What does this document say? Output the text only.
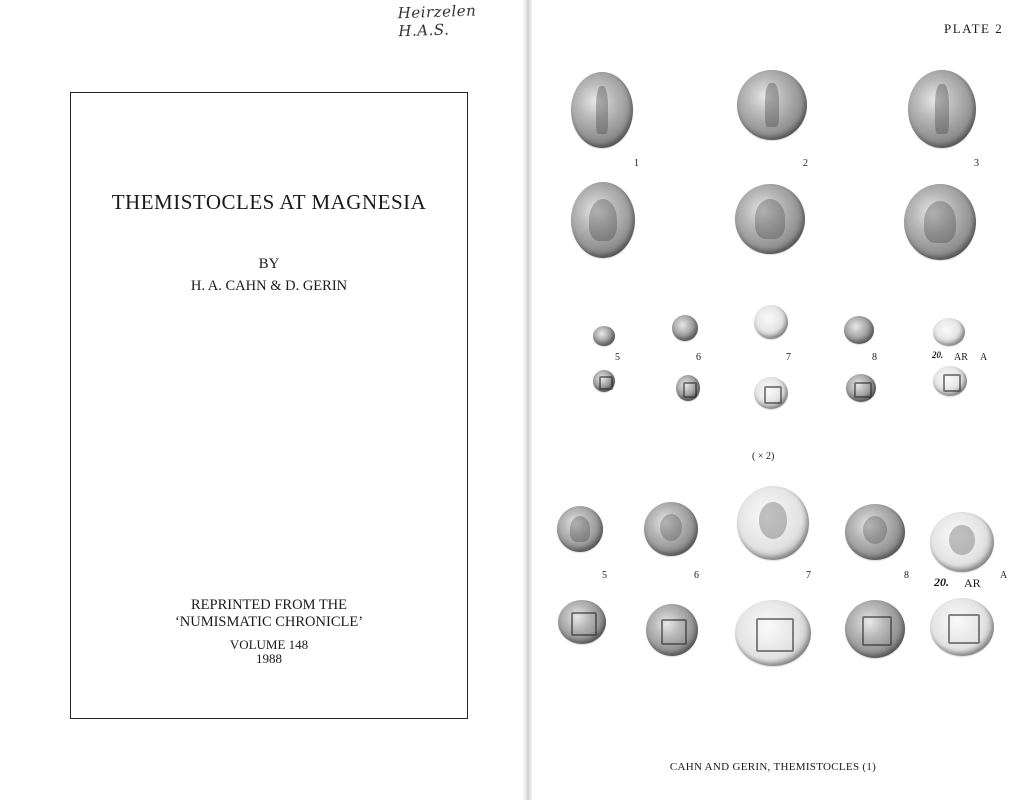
Heirzelen H.A.S.
THEMISTOCLES AT MAGNESIA
BY
H. A. CAHN & D. GERIN
REPRINTED FROM THE
‘NUMISMATIC CHRONICLE’
VOLUME 148
1988
PLATE 2
1	2	3
5	6	7	8	20. AR A
( × 2)
5	6	7	8 20. AR
A
CAHN AND GERIN, THEMISTOCLES (1)
